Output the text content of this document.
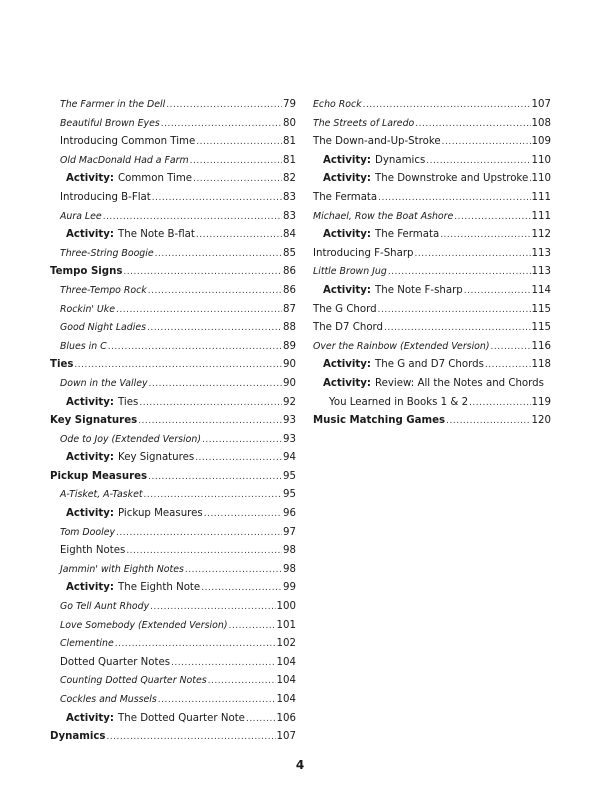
The Farmer in the Dell .....	79
Beautiful Brown Eyes .....	80
Introducing Common Time .....	81
Old MacDonald Had a Farm .....	81
Activity: Common Time .....	82
Introducing B-Flat .....	83
Aura Lee .....	83
Activity: The Note B-flat .....	84
Three-String Boogie .....	85
Tempo Signs .....	86
Three-Tempo Rock .....	86
Rockin' Uke .....	87
Good Night Ladies .....	88
Blues in C .....	89
Ties .....	90
Down in the Valley .....	90
Activity: Ties .....	92
Key Signatures .....	93
Ode to Joy (Extended Version) .....	93
Activity: Key Signatures .....	94
Pickup Measures .....	95
A-Tisket, A-Tasket .....	95
Activity: Pickup Measures .....	96
Tom Dooley .....	97
Eighth Notes .....	98
Jammin' with Eighth Notes .....	98
Activity: The Eighth Note .....	99
Go Tell Aunt Rhody .....	100
Love Somebody (Extended Version) .....	101
Clementine .....	102
Dotted Quarter Notes .....	104
Counting Dotted Quarter Notes .....	104
Cockles and Mussels .....	104
Activity: The Dotted Quarter Note .....	106
Dynamics .....	107
Echo Rock .....	107
The Streets of Laredo .....	108
The Down-and-Up-Stroke .....	109
Activity: Dynamics .....	110
Activity: The Downstroke and Upstroke ..... 110
The Fermata .....	111
Michael, Row the Boat Ashore .....	111
Activity: The Fermata .....	112
Introducing F-Sharp .....	113
Little Brown Jug .....	113
Activity: The Note F-sharp .....	114
The G Chord .....	115
The D7 Chord .....	115
Over the Rainbow (Extended Version) .....	116
Activity: The G and D7 Chords .....	118
Activity: Review: All the Notes and Chords
You Learned in Books 1 & 2 .....	119
Music Matching Games .....	120
4
